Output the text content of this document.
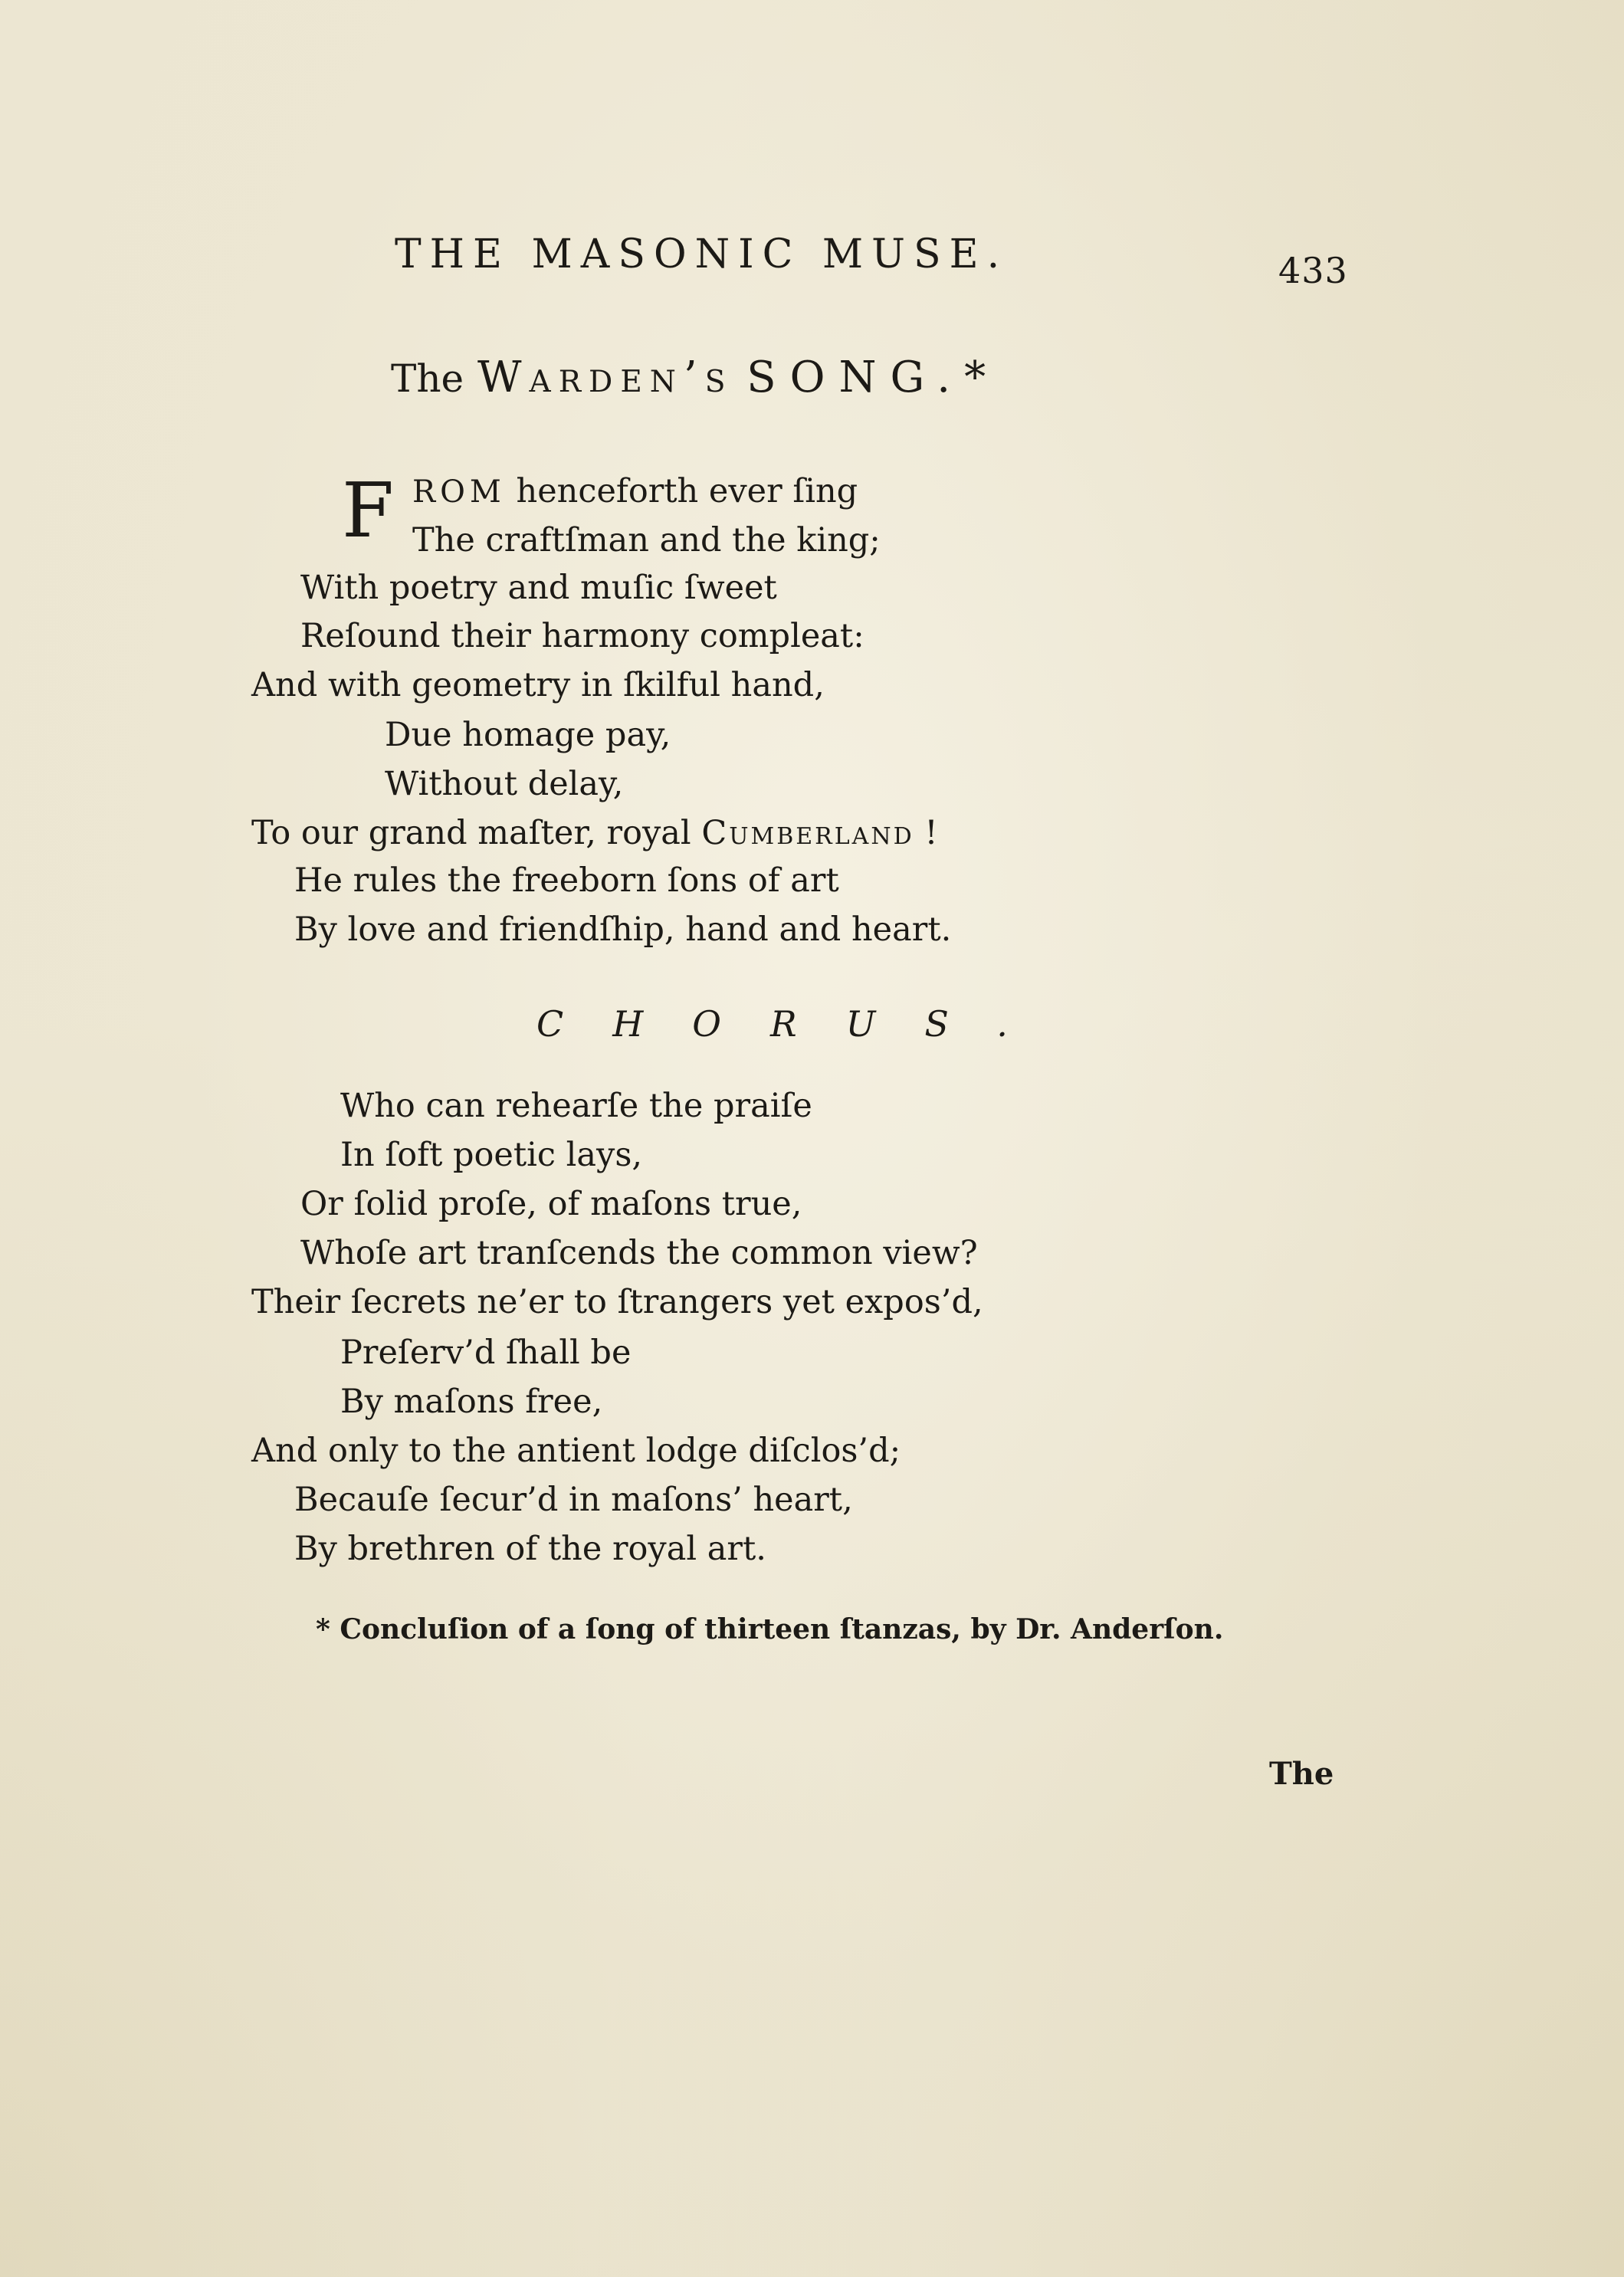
THE MASONIC MUSE.	433
The Warden’s SONG.*
F ROM henceforth ever ſing
The craftſman and the king;
With poetry and muſic ſweet
Reſound their harmony compleat:
And with geometry in ſkilful hand,
Due homage pay,
Without delay,
To our grand maſter, royal Cumberland !
He rules the freeborn ſons of art
By love and friendſhip, hand and heart.
CHORUS.
Who can rehearſe the praiſe
In ſoft poetic lays,
Or ſolid proſe, of maſons true,
Whoſe art tranſcends the common view?
Their ſecrets ne’er to ſtrangers yet expos’d,
Preſerv’d ſhall be
By maſons free,
And only to the antient lodge diſclos’d;
Becauſe ſecur’d in maſons’ heart,
By brethren of the royal art.
* Concluſion of a ſong of thirteen ſtanzas, by Dr. Anderſon.
The
